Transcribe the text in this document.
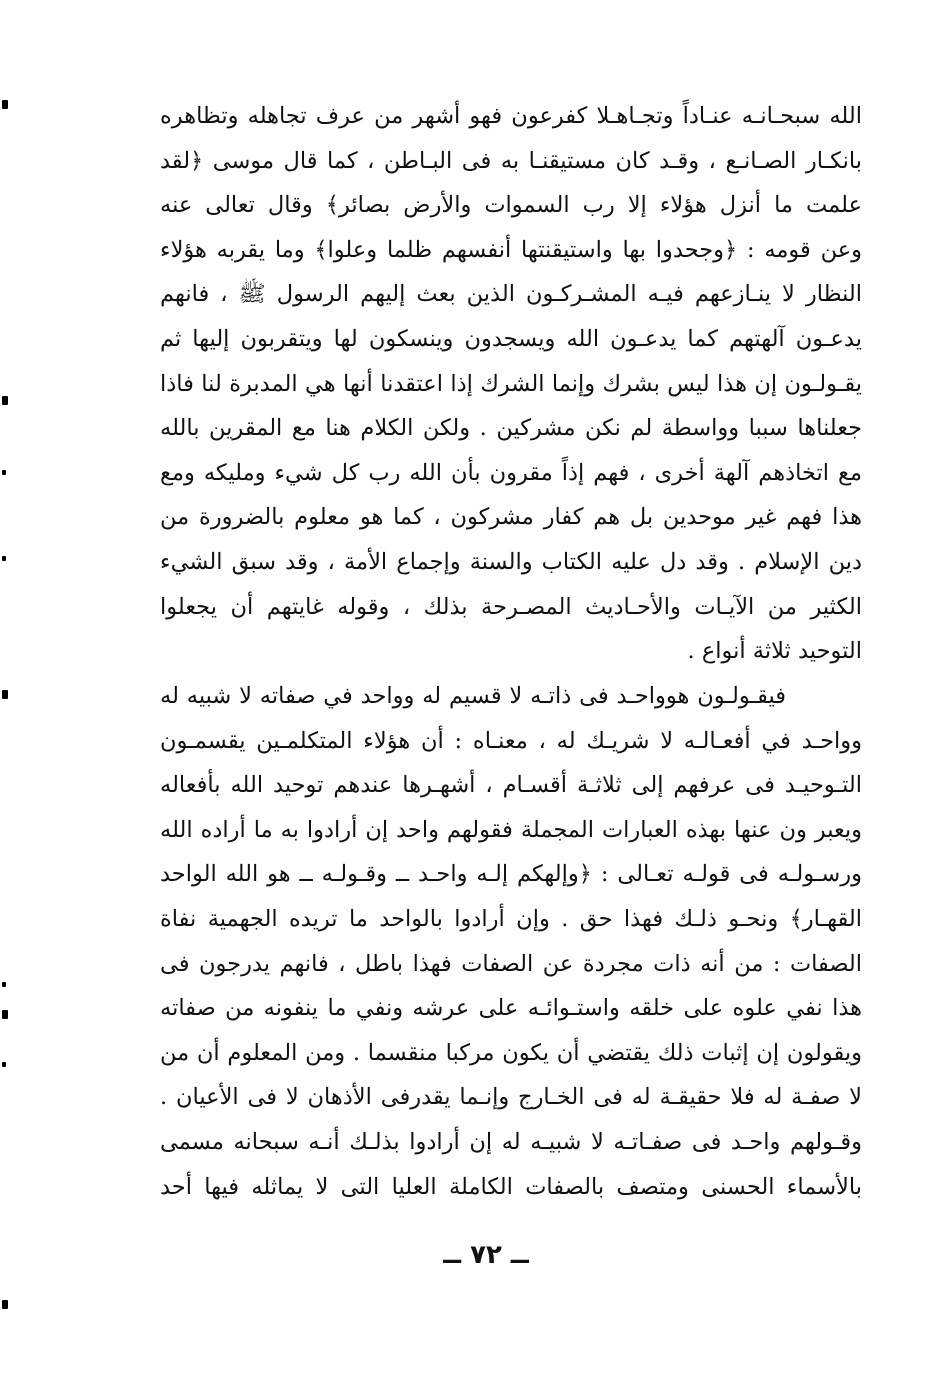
الله سبحـانـه عنـاداً وتجـاهـلا كفرعون فهو أشهر من عرف تجاهله وتظاهره
بانكـار الصـانـع ، وقـد كان مستيقنـا به فى البـاطن ، كما قال موسى ﴿لقد
علمت ما أنزل هؤلاء إلا رب السموات والأرض بصائر﴾ وقال تعالى عنه
وعن قومه : ﴿وجحدوا بها واستيقنتها أنفسهم ظلما وعلوا﴾ وما يقربه هؤلاء
النظار لا ينـازعهم فيـه المشـركـون الذين بعث إليهم الرسول ﷺ ، فانهم
يدعـون آلهتهم كما يدعـون الله ويسجدون وينسكون لها ويتقربون إليها ثم
يقـولـون إن هذا ليس بشرك وإنما الشرك إذا اعتقدنا أنها هي المدبرة لنا فاذا
جعلناها سببا وواسطة لم نكن مشركين . ولكن الكلام هنا مع المقرين بالله
مع اتخاذهم آلهة أخرى ، فهم إذاً مقرون بأن الله رب كل شيء ومليكه ومع
هذا فهم غير موحدين بل هم كفار مشركون ، كما هو معلوم بالضرورة من
دين الإسلام . وقد دل عليه الكتاب والسنة وإجماع الأمة ، وقد سبق الشيء
الكثير من الآيـات والأحـاديث المصـرحة بذلك ، وقوله غايتهم أن يجعلوا
التوحيد ثلاثة أنواع .
فيقـولـون هوواحـد فى ذاتـه لا قسيم له وواحد في صفاته لا شبيه له
وواحـد في أفعـالـه لا شريـك له ، معنـاه : أن هؤلاء المتكلمـين يقسمـون
التـوحيـد فى عرفهم إلى ثلاثـة أقسـام ، أشهـرها عندهم توحيد الله بأفعاله
ويعبر ون عنها بهذه العبارات المجملة فقولهم واحد إن أرادوا به ما أراده الله
ورسـولـه فى قولـه تعـالى : ﴿وإلهكم إلـه واحـد ــ وقـولـه ــ هو الله الواحد
القهـار﴾ ونحـو ذلـك فهذا حق . وإن أرادوا بالواحد ما تريده الجهمية نفاة
الصفات : من أنه ذات مجردة عن الصفات فهذا باطل ، فانهم يدرجون فى
هذا نفي علوه على خلقه واستـوائـه على عرشه ونفي ما ينفونه من صفاته
ويقولون إن إثبات ذلك يقتضي أن يكون مركبا منقسما . ومن المعلوم أن من
لا صفـة له فلا حقيقـة له فى الخـارج وإنـما يقدرفى الأذهان لا فى الأعيان .
وقـولهم واحـد فى صفـاتـه لا شبيـه له إن أرادوا بذلـك أنـه سبحانه مسمى
بالأسماء الحسنى ومتصف بالصفات الكاملة العليا التى لا يماثله فيها أحد
ــ ٧٢ ــ
